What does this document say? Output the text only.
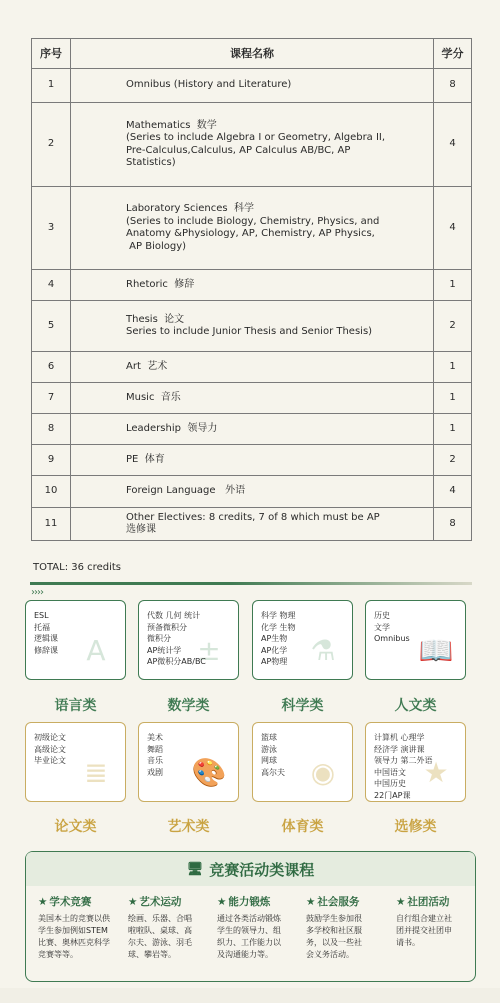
序号	课程名称	学分
1	Omnibus (History and Literature)	8
2	Mathematics  数学
(Series to include Algebra I or Geometry, Algebra II,
Pre-Calculus,Calculus, AP Calculus AB/BC, AP
Statistics)	4
3	Laboratory Sciences  科学
(Series to include Biology, Chemistry, Physics, and
Anatomy &Physiology, AP, Chemistry, AP Physics,
AP Biology)	4
4	Rhetoric  修辞	1
5	Thesis  论文
Series to include Junior Thesis and Senior Thesis)	2
6	Art  艺术	1
7	Music  音乐	1
8	Leadership  领导力	1
9	PE  体育	2
10	Foreign Language   外语	4
11	Other Electives: 8 credits, 7 of 8 which must be AP
选修课	8
TOTAL: 36 credits
››››
ESL
托福
逻辑课
修辞课	A
语言类
代数 几何 统计
预备微积分
微积分
AP统计学
AP微积分AB/BC
±
数学类
科学 物理
化学 生物
AP生物
AP化学
AP物理 ⚗
科学类
历史
文学
Omnibus 📖
人文类
初级论文
高级论文
毕业论文 ≣
论文类
美术
舞蹈
音乐
戏剧 🎨
艺术类
篮球
游泳
网球
高尔夫 ◉
体育类
计算机 心理学
经济学 演讲课
领导力 第二外语
中国语文
中国历史
22门AP课
★
选修类
🖥 竞赛活动类课程
★ 学术竞赛
美国本土的竞赛以供
学生参加例如STEM
比赛、奥林匹克科学
竞赛等等。
★ 艺术运动
绘画、乐器、合唱
啦啦队、桌球、高
尔夫、游泳、羽毛
球、攀岩等。
★ 能力锻炼
通过各类活动锻炼
学生的领导力、组
织力、工作能力以
及沟通能力等。
★ 社会服务
鼓励学生参加很
多学校和社区服
务，以及一些社
会义务活动。
★ 社团活动
自行组合建立社
团并提交社团申
请书。
